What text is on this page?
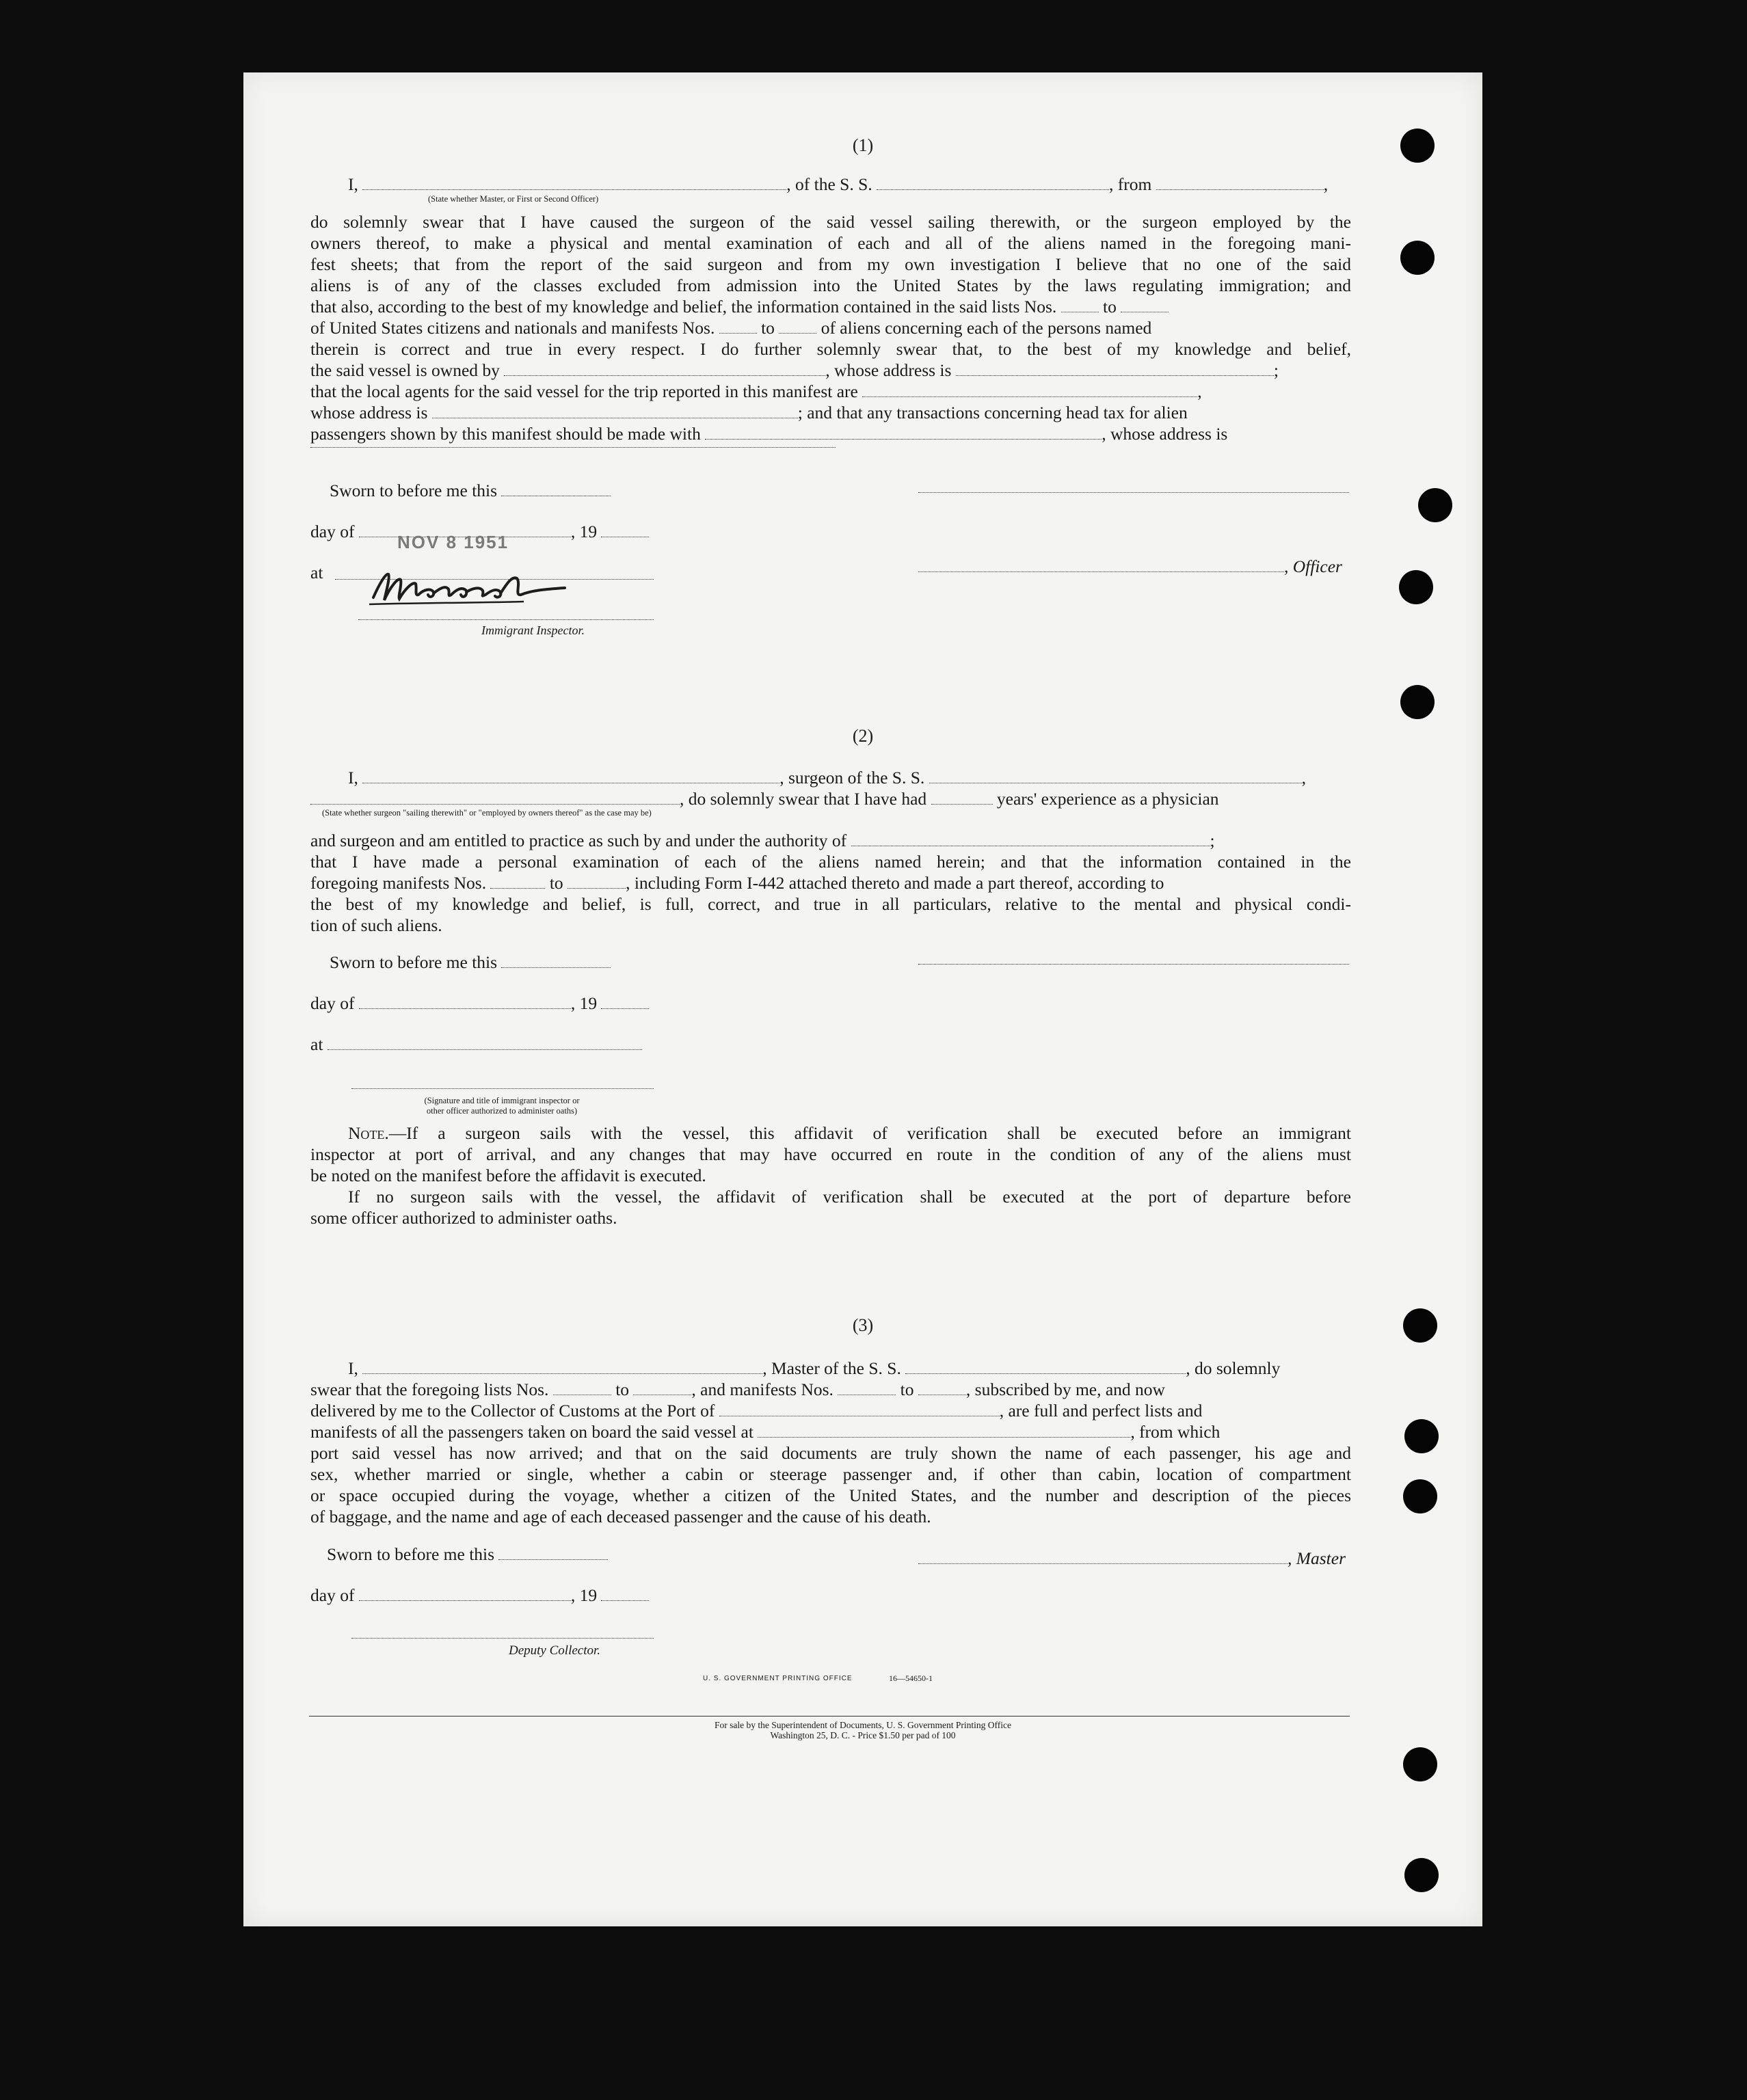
(1)
I,	, of the S. S.	, from	,
(State whether Master, or First or Second Officer)
do solemnly swear that I have caused the surgeon of the said vessel sailing therewith, or the surgeon employed by the
owners thereof, to make a physical and mental examination of each and all of the aliens named in the foregoing mani-
fest sheets; that from the report of the said surgeon and from my own investigation I believe that no one of the said
aliens is of any of the classes excluded from admission into the United States by the laws regulating immigration; and
that also, according to the best of my knowledge and belief, the information contained in the said lists Nos.	to
of United States citizens and nationals and manifests Nos.	to	of aliens concerning each of the persons named
therein is correct and true in every respect. I do further solemnly swear that, to the best of my knowledge and belief,
the said vessel is owned by	, whose address is	;
that the local agents for the said vessel for the trip reported in this manifest are	,
whose address is	; and that any transactions concerning head tax for alien
passengers shown by this manifest should be made with	, whose address is
Sworn to before me this
day of	, 19
NOV 8 1951
, Officer
at
Immigrant Inspector.
(2)
I,	, surgeon of the S. S.	,
, do solemnly swear that I have had	years' experience as a physician
(State whether surgeon "sailing therewith" or "employed by owners thereof" as the case may be)
and surgeon and am entitled to practice as such by and under the authority of	;
that I have made a personal examination of each of the aliens named herein; and that the information contained in the
foregoing manifests Nos.	to	, including Form I-442 attached thereto and made a part thereof, according to
the best of my knowledge and belief, is full, correct, and true in all particulars, relative to the mental and physical condi-
tion of such aliens.
Sworn to before me this
day of	, 19
at
(Signature and title of immigrant inspector or
other officer authorized to administer oaths)
Note.—If a surgeon sails with the vessel, this affidavit of verification shall be executed before an immigrant
inspector at port of arrival, and any changes that may have occurred en route in the condition of any of the aliens must
be noted on the manifest before the affidavit is executed.
If no surgeon sails with the vessel, the affidavit of verification shall be executed at the port of departure before
some officer authorized to administer oaths.
(3)
I,	, Master of the S. S.	, do solemnly
swear that the foregoing lists Nos.	to	, and manifests Nos.	to	, subscribed by me, and now
delivered by me to the Collector of Customs at the Port of	, are full and perfect lists and
manifests of all the passengers taken on board the said vessel at	, from which
port said vessel has now arrived; and that on the said documents are truly shown the name of each passenger, his age and
sex, whether married or single, whether a cabin or steerage passenger and, if other than cabin, location of compartment
or space occupied during the voyage, whether a citizen of the United States, and the number and description of the pieces
of baggage, and the name and age of each deceased passenger and the cause of his death.
Sworn to before me this	, Master
day of	, 19
Deputy Collector.
U. S. GOVERNMENT PRINTING OFFICE	16—54650-1
For sale by the Superintendent of Documents, U. S. Government Printing Office
Washington 25, D. C. - Price $1.50 per pad of 100
